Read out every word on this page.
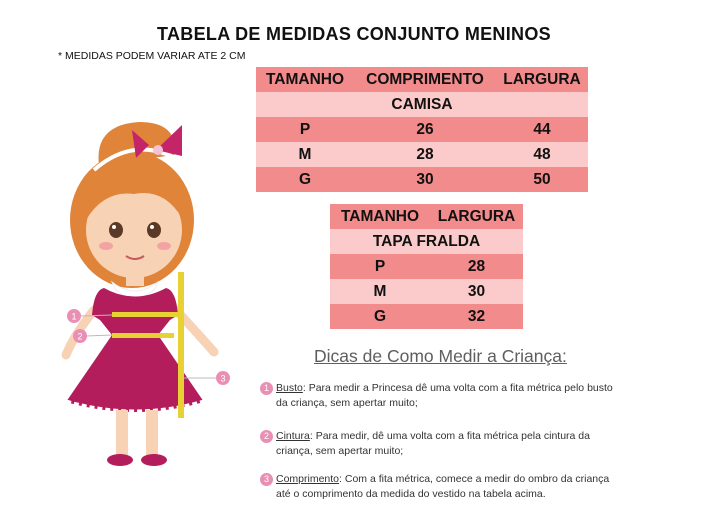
TABELA DE MEDIDAS CONJUNTO MENINOS
* MEDIDAS PODEM VARIAR ATE 2 CM
TAMANHO	COMPRIMENTO	LARGURA
CAMISA		
P	26	44
M	28	48
G	30	50
TAMANHO	LARGURA
TAPA FRALDA	
P	28
M	30
G	32
Dicas de Como Medir a Criança:
1 Busto: Para medir a Princesa dê uma volta com a fita métrica pelo busto
da criança, sem apertar muito;
2 Cintura: Para medir, dê uma volta com a fita métrica pela cintura da
criança, sem apertar muito;
3 Comprimento: Com a fita métrica, comece a medir do ombro da criança
até o comprimento da medida do vestido na tabela acima.
1
2
3
